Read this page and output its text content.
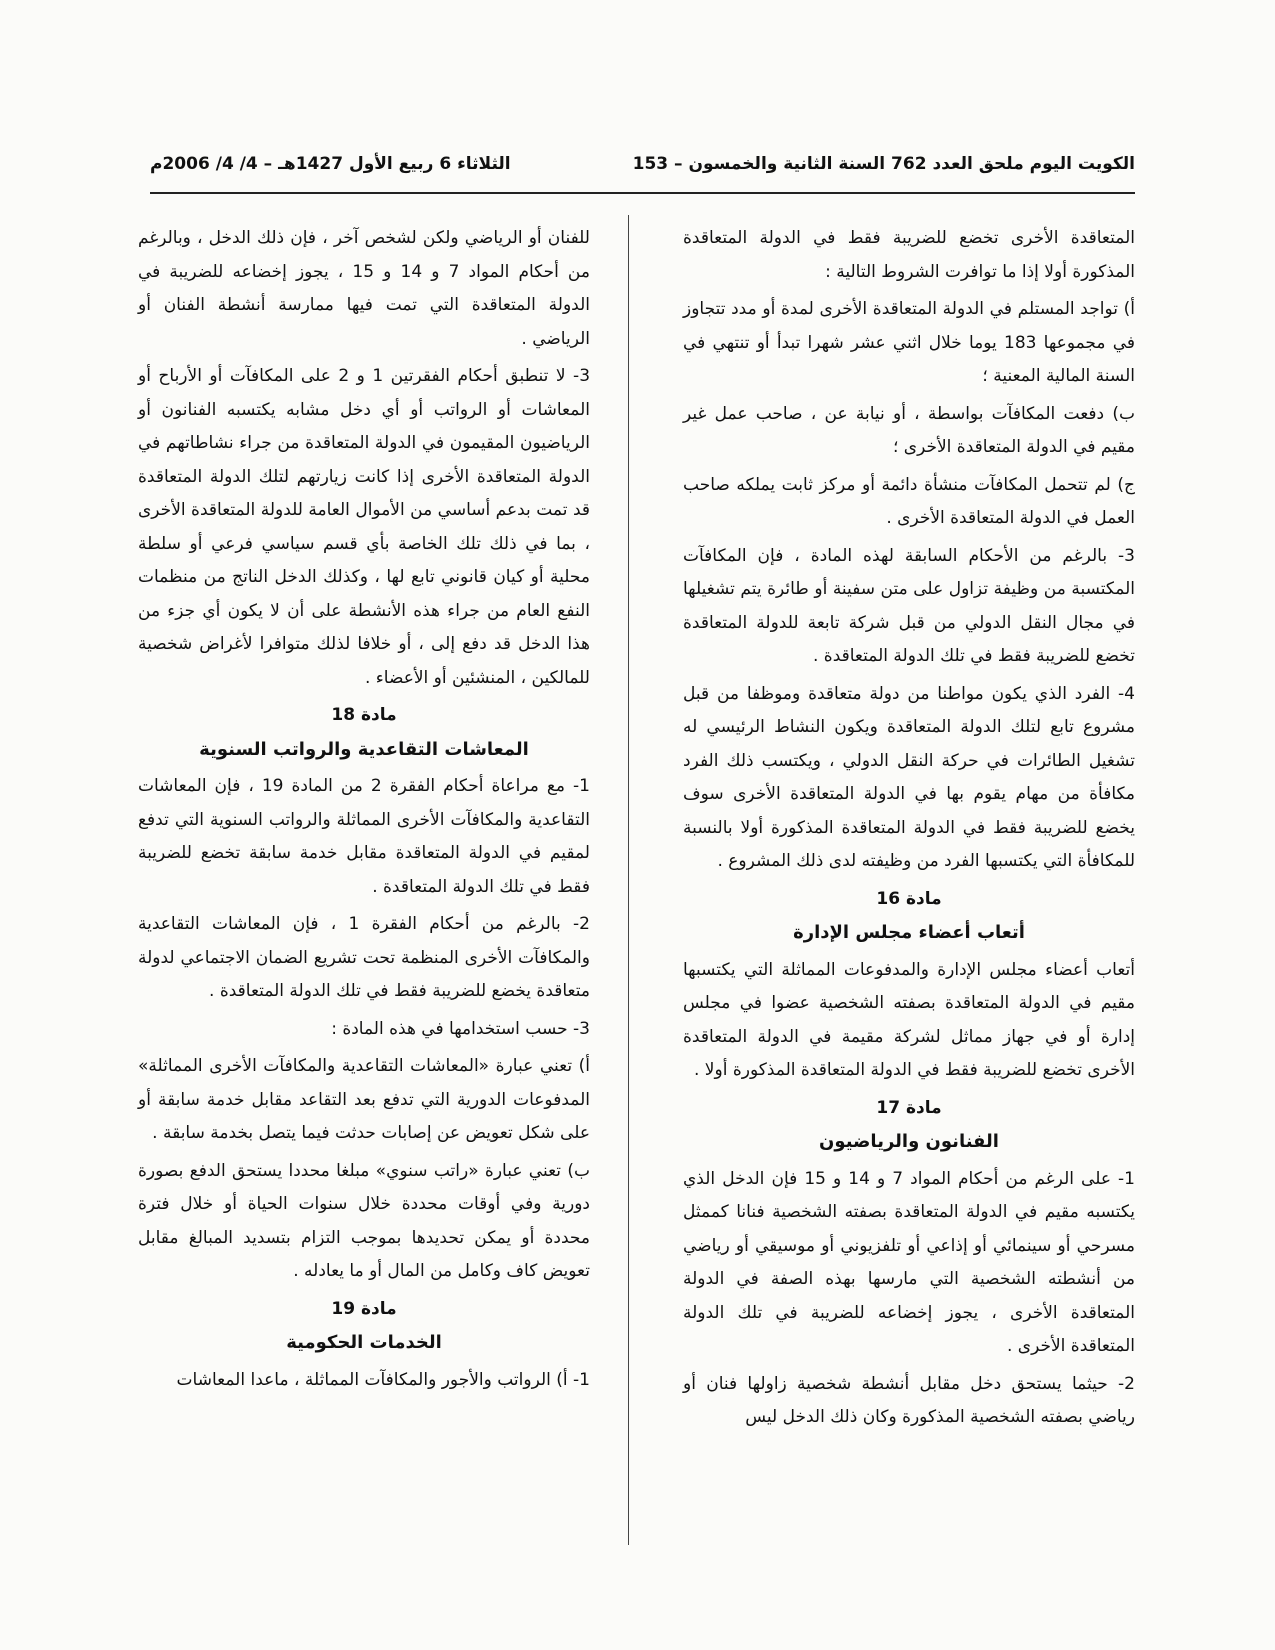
الكويت اليوم ملحق العدد 762 السنة الثانية والخمسون – 153
الثلاثاء 6 ربيع الأول 1427هـ – 4/ 4/ 2006م

المتعاقدة الأخرى تخضع للضريبة فقط في الدولة المتعاقدة المذكورة أولا إذا ما توافرت الشروط التالية :

أ) تواجد المستلم في الدولة المتعاقدة الأخرى لمدة أو مدد تتجاوز في مجموعها 183 يوما خلال اثني عشر شهرا تبدأ أو تنتهي في السنة المالية المعنية ؛

ب) دفعت المكافآت بواسطة ، أو نيابة عن ، صاحب عمل غير مقيم في الدولة المتعاقدة الأخرى ؛

ج) لم تتحمل المكافآت منشأة دائمة أو مركز ثابت يملكه صاحب العمل في الدولة المتعاقدة الأخرى .

3- بالرغم من الأحكام السابقة لهذه المادة ، فإن المكافآت المكتسبة من وظيفة تزاول على متن سفينة أو طائرة يتم تشغيلها في مجال النقل الدولي من قبل شركة تابعة للدولة المتعاقدة تخضع للضريبة فقط في تلك الدولة المتعاقدة .

4- الفرد الذي يكون مواطنا من دولة متعاقدة وموظفا من قبل مشروع تابع لتلك الدولة المتعاقدة ويكون النشاط الرئيسي له تشغيل الطائرات في حركة النقل الدولي ، ويكتسب ذلك الفرد مكافأة من مهام يقوم بها في الدولة المتعاقدة الأخرى سوف يخضع للضريبة فقط في الدولة المتعاقدة المذكورة أولا بالنسبة للمكافأة التي يكتسبها الفرد من وظيفته لدى ذلك المشروع .

مادة 16
أتعاب أعضاء مجلس الإدارة

أتعاب أعضاء مجلس الإدارة والمدفوعات المماثلة التي يكتسبها مقيم في الدولة المتعاقدة بصفته الشخصية عضوا في مجلس إدارة أو في جهاز مماثل لشركة مقيمة في الدولة المتعاقدة الأخرى تخضع للضريبة فقط في الدولة المتعاقدة المذكورة أولا .

مادة 17
الفنانون والرياضيون

1- على الرغم من أحكام المواد 7 و 14 و 15 فإن الدخل الذي يكتسبه مقيم في الدولة المتعاقدة بصفته الشخصية فنانا كممثل مسرحي أو سينمائي أو إذاعي أو تلفزيوني أو موسيقي أو رياضي من أنشطته الشخصية التي مارسها بهذه الصفة في الدولة المتعاقدة الأخرى ، يجوز إخضاعه للضريبة في تلك الدولة المتعاقدة الأخرى .

2- حيثما يستحق دخل مقابل أنشطة شخصية زاولها فنان أو رياضي بصفته الشخصية المذكورة وكان ذلك الدخل ليس

للفنان أو الرياضي ولكن لشخص آخر ، فإن ذلك الدخل ، وبالرغم من أحكام المواد 7 و 14 و 15 ، يجوز إخضاعه للضريبة في الدولة المتعاقدة التي تمت فيها ممارسة أنشطة الفنان أو الرياضي .

3- لا تنطبق أحكام الفقرتين 1 و 2 على المكافآت أو الأرباح أو المعاشات أو الرواتب أو أي دخل مشابه يكتسبه الفنانون أو الرياضيون المقيمون في الدولة المتعاقدة من جراء نشاطاتهم في الدولة المتعاقدة الأخرى إذا كانت زيارتهم لتلك الدولة المتعاقدة قد تمت بدعم أساسي من الأموال العامة للدولة المتعاقدة الأخرى ، بما في ذلك تلك الخاصة بأي قسم سياسي فرعي أو سلطة محلية أو كيان قانوني تابع لها ، وكذلك الدخل الناتج من منظمات النفع العام من جراء هذه الأنشطة على أن لا يكون أي جزء من هذا الدخل قد دفع إلى ، أو خلافا لذلك متوافرا لأغراض شخصية للمالكين ، المنشئين أو الأعضاء .

مادة 18
المعاشات التقاعدية والرواتب السنوية

1- مع مراعاة أحكام الفقرة 2 من المادة 19 ، فإن المعاشات التقاعدية والمكافآت الأخرى المماثلة والرواتب السنوية التي تدفع لمقيم في الدولة المتعاقدة مقابل خدمة سابقة تخضع للضريبة فقط في تلك الدولة المتعاقدة .

2- بالرغم من أحكام الفقرة 1 ، فإن المعاشات التقاعدية والمكافآت الأخرى المنظمة تحت تشريع الضمان الاجتماعي لدولة متعاقدة يخضع للضريبة فقط في تلك الدولة المتعاقدة .

3- حسب استخدامها في هذه المادة :

أ) تعني عبارة «المعاشات التقاعدية والمكافآت الأخرى المماثلة» المدفوعات الدورية التي تدفع بعد التقاعد مقابل خدمة سابقة أو على شكل تعويض عن إصابات حدثت فيما يتصل بخدمة سابقة .

ب) تعني عبارة «راتب سنوي» مبلغا محددا يستحق الدفع بصورة دورية وفي أوقات محددة خلال سنوات الحياة أو خلال فترة محددة أو يمكن تحديدها بموجب التزام بتسديد المبالغ مقابل تعويض كاف وكامل من المال أو ما يعادله .

مادة 19
الخدمات الحكومية

1- أ) الرواتب والأجور والمكافآت المماثلة ، ماعدا المعاشات
